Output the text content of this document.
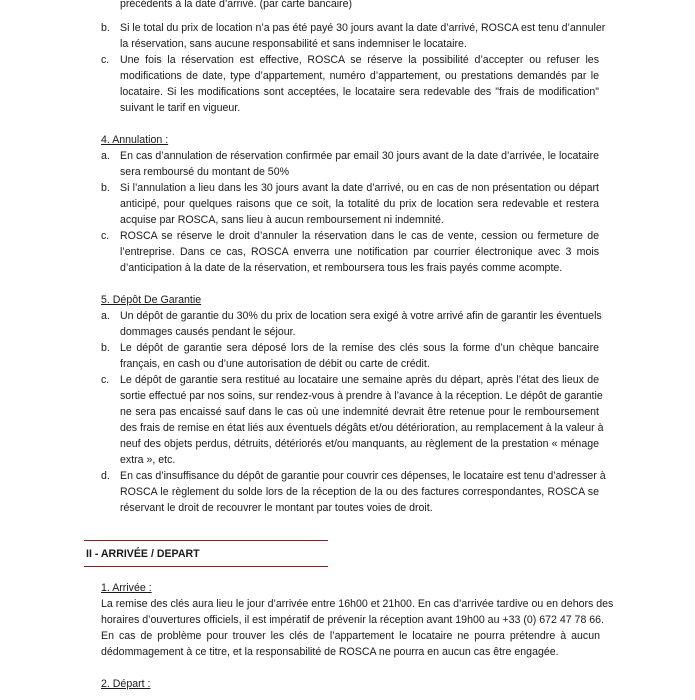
précédents à la date d’arrivé. (par carte bancaire)
b. Si le total du prix de location n’a pas été payé 30 jours avant la date d’arrivé, ROSCA est tenu d’annuler
la réservation, sans aucune responsabilité et sans indemniser le locataire.
c. Une fois la réservation est effective, ROSCA se réserve la possibilité d’accepter ou refuser les
modifications de date, type d’appartement, numéro d’appartement, ou prestations demandés par le
locataire. Si les modifications sont acceptées, le locataire sera redevable des "frais de modification"
suivant le tarif en vigueur.
4. Annulation :
a. En cas d’annulation de réservation confirmée par email 30 jours avant de la date d’arrivée, le locataire
sera remboursé du montant de 50%
b. Si l’annulation a lieu dans les 30 jours avant la date d’arrivé, ou en cas de non présentation ou départ
anticipé, pour quelques raisons que ce soit, la totalité du prix de location sera redevable et restera
acquise par ROSCA, sans lieu à aucun remboursement ni indemnité.
c. ROSCA se réserve le droit d’annuler la réservation dans le cas de vente, cession ou fermeture de
l’entreprise. Dans ce cas, ROSCA enverra une notification par courrier électronique avec 3 mois
d’anticipation à la date de la réservation, et remboursera tous les frais payés comme acompte.
5. Dépôt De Garantie
a. Un dépôt de garantie du 30% du prix de location sera exigé à votre arrivé afin de garantir les éventuels
dommages causés pendant le séjour.
b. Le dépôt de garantie sera déposé lors de la remise des clés sous la forme d’un chèque bancaire
français, en cash ou d’une autorisation de débit ou carte de crédit.
c. Le dépôt de garantie sera restitué au locataire une semaine après du départ, après l’état des lieux de
sortie effectué par nos soins, sur rendez-vous à prendre à l’avance à la réception. Le dépôt de garantie
ne sera pas encaissé sauf dans le cas où une indemnité devrait être retenue pour le remboursement
des frais de remise en état liés aux éventuels dégâts et/ou détérioration, au remplacement à la valeur à
neuf des objets perdus, détruits, détériorés et/ou manquants, au règlement de la prestation « ménage
extra », etc.
d. En cas d’insuffisance du dépôt de garantie pour couvrir ces dépenses, le locataire est tenu d’adresser à
ROSCA le règlement du solde lors de la réception de la ou des factures correspondantes, ROSCA se
réservant le droit de recouvrer le montant par toutes voies de droit.
II - ARRIVÉE / DEPART
1. Arrivée :
La remise des clés aura lieu le jour d’arrivée entre 16h00 et 21h00. En cas d’arrivée tardive ou en dehors des
horaires d’ouvertures officiels, il est impératif de prévenir la réception avant 19h00 au +33 (0) 672 47 78 66.
En cas de problème pour trouver les clés de l’appartement le locataire ne pourra prétendre à aucun
dédommagement à ce titre, et la responsabilité de ROSCA ne pourra en aucun cas être engagée.
2. Départ :
